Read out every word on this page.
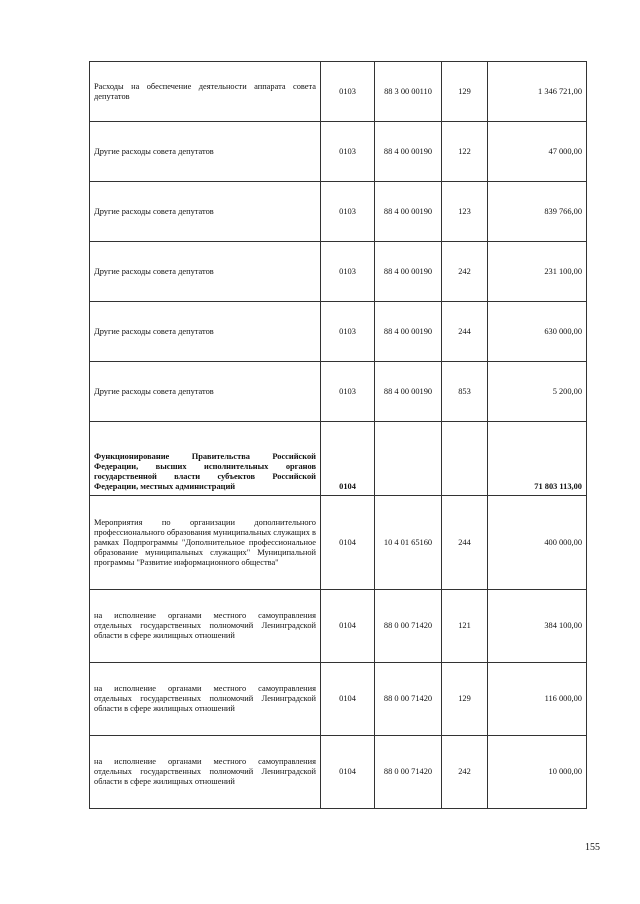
Расходы на обеспечение деятельности аппарата совета депутатов	0103	88 3 00 00110	129	1 346 721,00
Другие расходы совета депутатов	0103	88 4 00 00190	122	47 000,00
Другие расходы совета депутатов	0103	88 4 00 00190	123	839 766,00
Другие расходы совета депутатов	0103	88 4 00 00190	242	231 100,00
Другие расходы совета депутатов	0103	88 4 00 00190	244	630 000,00
Другие расходы совета депутатов	0103	88 4 00 00190	853	5 200,00
Функционирование Правительства Российской Федерации, высших исполнительных органов государственной власти субъектов Российской Федерации, местных администраций	0104			71 803 113,00
Мероприятия по организации дополнительного профессионального образования муниципальных служащих в рамках Подпрограммы "Дополнительное профессиональное образование муниципальных служащих" Муниципальной программы "Развитие информационного общества"	0104	10 4 01 65160	244	400 000,00
на исполнение органами местного самоуправления отдельных государственных полномочий Ленинградской области в сфере жилищных отношений	0104	88 0 00 71420	121	384 100,00
на исполнение органами местного самоуправления отдельных государственных полномочий Ленинградской области в сфере жилищных отношений	0104	88 0 00 71420	129	116 000,00
на исполнение органами местного самоуправления отдельных государственных полномочий Ленинградской области в сфере жилищных отношений	0104	88 0 00 71420	242	10 000,00
155
